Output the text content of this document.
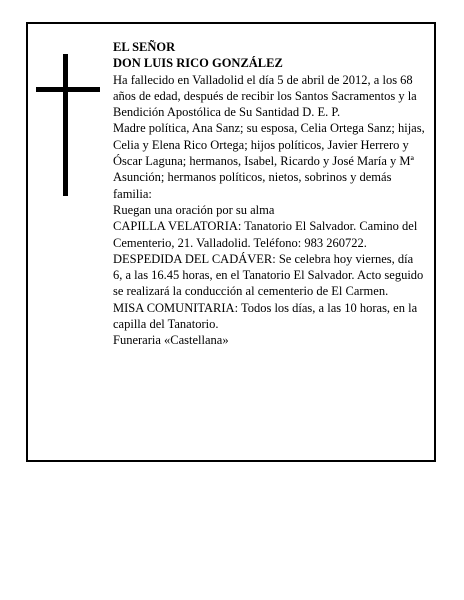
EL SEÑOR

DON LUIS RICO GONZÁLEZ

Ha fallecido en Valladolid el día 5 de abril de 2012, a los 68 años de edad, después de recibir los Santos Sacramentos y la Bendición Apostólica de Su Santidad D. E. P.

Madre política, Ana Sanz; su esposa, Celia Ortega Sanz; hijas, Celia y Elena Rico Ortega; hijos políticos, Javier Herrero y Óscar Laguna; hermanos, Isabel, Ricardo y José María y Mª Asunción; hermanos políticos, nietos, sobrinos y demás familia:

Ruegan una oración por su alma

CAPILLA VELATORIA: Tanatorio El Salvador. Camino del Cementerio, 21. Valladolid. Teléfono: 983 260722.

DESPEDIDA DEL CADÁVER: Se celebra hoy viernes, día 6, a las 16.45 horas, en el Tanatorio El Salvador. Acto seguido se realizará la conducción al cementerio de El Carmen.

MISA COMUNITARIA: Todos los días, a las 10 horas, en la capilla del Tanatorio.

Funeraria «Castellana»
